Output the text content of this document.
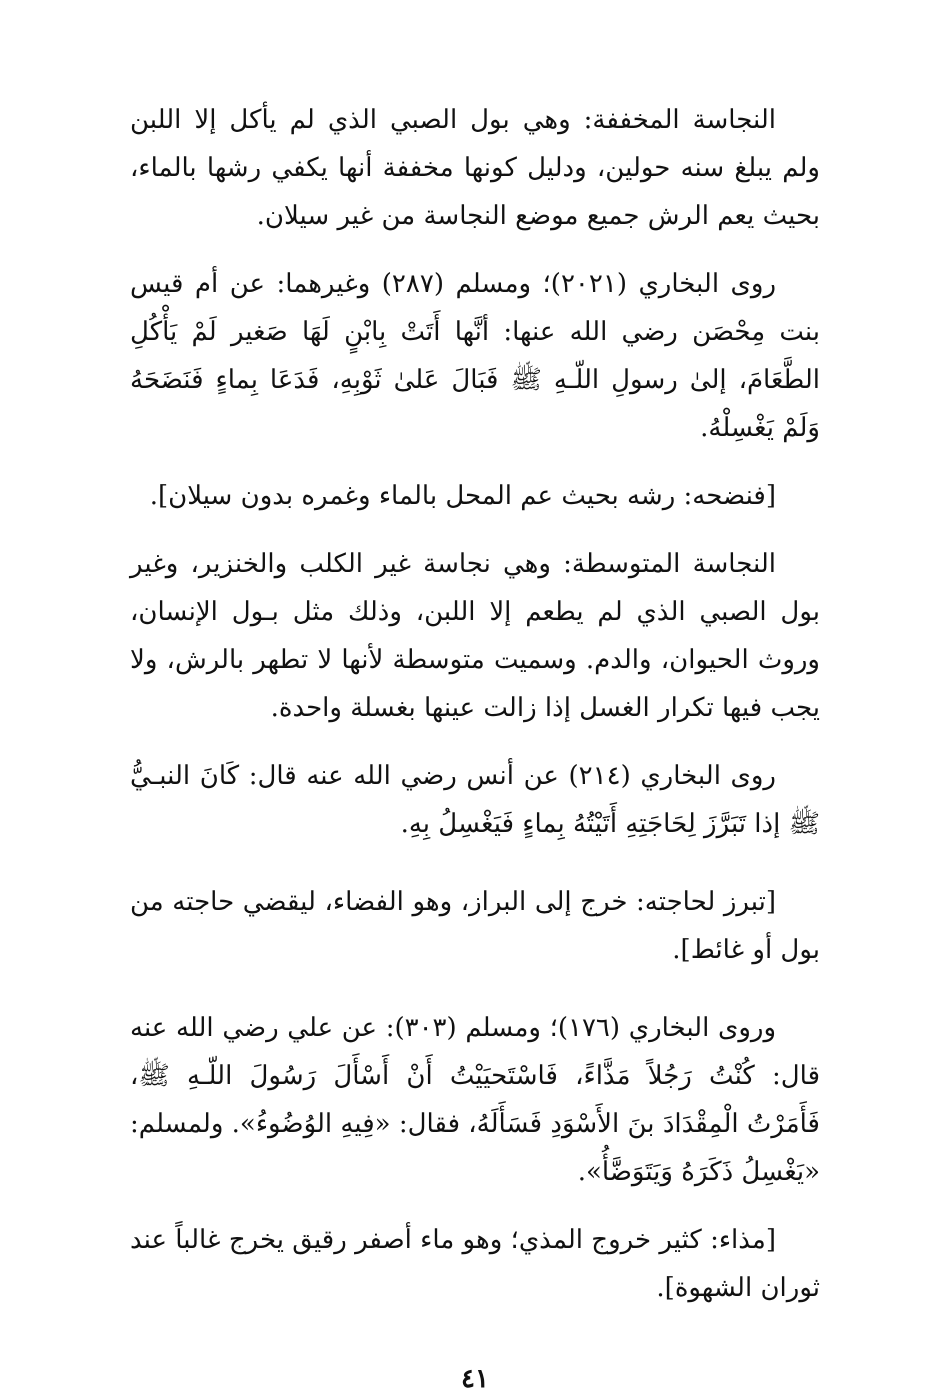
النجاسة المخففة: وهي بول الصبي الذي لم يأكل إلا اللبن ولم يبلغ سنه حولين، ودليل كونها مخففة أنها يكفي رشها بالماء، بحيث يعم الرش جميع موضع النجاسة من غير سيلان.

روى البخاري (٢٠٢١)؛ ومسلم (٢٨٧) وغيرهما: عن أم قيس بنت مِحْصَن رضي الله عنها: أنَّها أَتَتْ بِابْنٍ لَهَا صَغير لَمْ يَأْكُلِ الطَّعَامَ، إلىٰ رسولِ اللّـهِ ﷺ فَبَالَ عَلىٰ ثَوْبِهِ، فَدَعَا بِماءٍ فَنَضَحَهُ وَلَمْ يَغْسِلْهُ.

[فنضحه: رشه بحيث عم المحل بالماء وغمره بدون سيلان].

النجاسة المتوسطة: وهي نجاسة غير الكلب والخنزير، وغير بول الصبي الذي لم يطعم إلا اللبن، وذلك مثل بـول الإنسان، وروث الحيوان، والدم. وسميت متوسطة لأنها لا تطهر بالرش، ولا يجب فيها تكرار الغسل إذا زالت عينها بغسلة واحدة.

روى البخاري (٢١٤) عن أنس رضي الله عنه قال: كَانَ النبـيُّ ﷺ إذا تَبَرَّزَ لِحَاجَتِهِ أَتَيْتُهُ بِماءٍ فَيَغْسِلُ بِهِ.

[تبرز لحاجته: خرج إلى البراز، وهو الفضاء، ليقضي حاجته من بول أو غائط].

وروى البخاري (١٧٦)؛ ومسلم (٣٠٣): عن علي رضي الله عنه قال: كُنْتُ رَجُلاً مَذَّاءً، فَاسْتَحيَيْتُ أَنْ أَسْأَلَ رَسُولَ اللّـهِ ﷺ، فَأَمَرْتُ الْمِقْدَادَ بنَ الأَسْوَدِ فَسَأَلَهُ، فقال: «فِيهِ الوُضُوءُ». ولمسلم: «يَغْسِلُ ذَكَرَهُ وَيَتَوَضَّأُ».

[مذاء: كثير خروج المذي؛ وهو ماء أصفر رقيق يخرج غالباً عند ثوران الشهوة].

٤١
